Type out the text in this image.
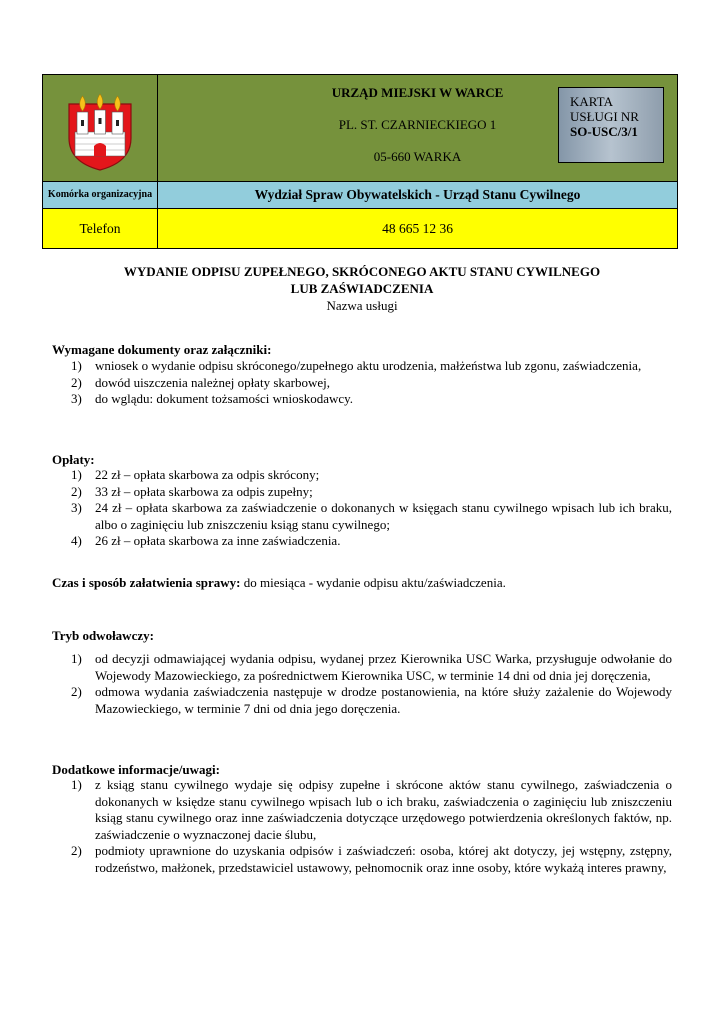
URZĄD MIEJSKI W WARCE
PL. ST. CZARNIECKIEGO 1
05-660 WARKA

Komórka organizacyjna	Wydział Spraw Obywatelskich - Urząd Stanu Cywilnego
Telefon	48 665 12 36
KARTA
USŁUGI NR
SO-USC/3/1
WYDANIE ODPISU ZUPEŁNEGO, SKRÓCONEGO AKTU STANU CYWILNEGO
LUB ZAŚWIADCZENIA
Nazwa usługi
Wymagane dokumenty oraz załączniki:
1) wniosek o wydanie odpisu skróconego/zupełnego aktu urodzenia, małżeństwa lub zgonu, zaświadczenia,
2) dowód uiszczenia należnej opłaty skarbowej,
3) do wglądu: dokument tożsamości wnioskodawcy.
Opłaty:
1) 22 zł – opłata skarbowa za odpis skrócony;
2) 33 zł – opłata skarbowa za odpis zupełny;
3) 24 zł – opłata skarbowa za zaświadczenie o dokonanych w księgach stanu cywilnego wpisach lub ich braku, albo o zaginięciu lub zniszczeniu ksiąg stanu cywilnego;
4) 26 zł – opłata skarbowa za inne zaświadczenia.
Czas i sposób załatwienia sprawy: do miesiąca - wydanie odpisu aktu/zaświadczenia.
Tryb odwoławczy:
1) od decyzji odmawiającej wydania odpisu, wydanej przez Kierownika USC Warka, przysługuje odwołanie do Wojewody Mazowieckiego, za pośrednictwem Kierownika USC, w terminie 14 dni od dnia jej doręczenia,
2) odmowa wydania zaświadczenia następuje w drodze postanowienia, na które służy zażalenie do Wojewody Mazowieckiego, w terminie 7 dni od dnia jego doręczenia.
Dodatkowe informacje/uwagi:
1) z ksiąg stanu cywilnego wydaje się odpisy zupełne i skrócone aktów stanu cywilnego, zaświadczenia o dokonanych w księdze stanu cywilnego wpisach lub o ich braku, zaświadczenia o zaginięciu lub zniszczeniu ksiąg stanu cywilnego oraz inne zaświadczenia dotyczące urzędowego potwierdzenia określonych faktów, np. zaświadczenie o wyznaczonej dacie ślubu,
2) podmioty uprawnione do uzyskania odpisów i zaświadczeń: osoba, której akt dotyczy, jej wstępny, zstępny, rodzeństwo, małżonek, przedstawiciel ustawowy, pełnomocnik oraz inne osoby, które wykażą interes prawny,
